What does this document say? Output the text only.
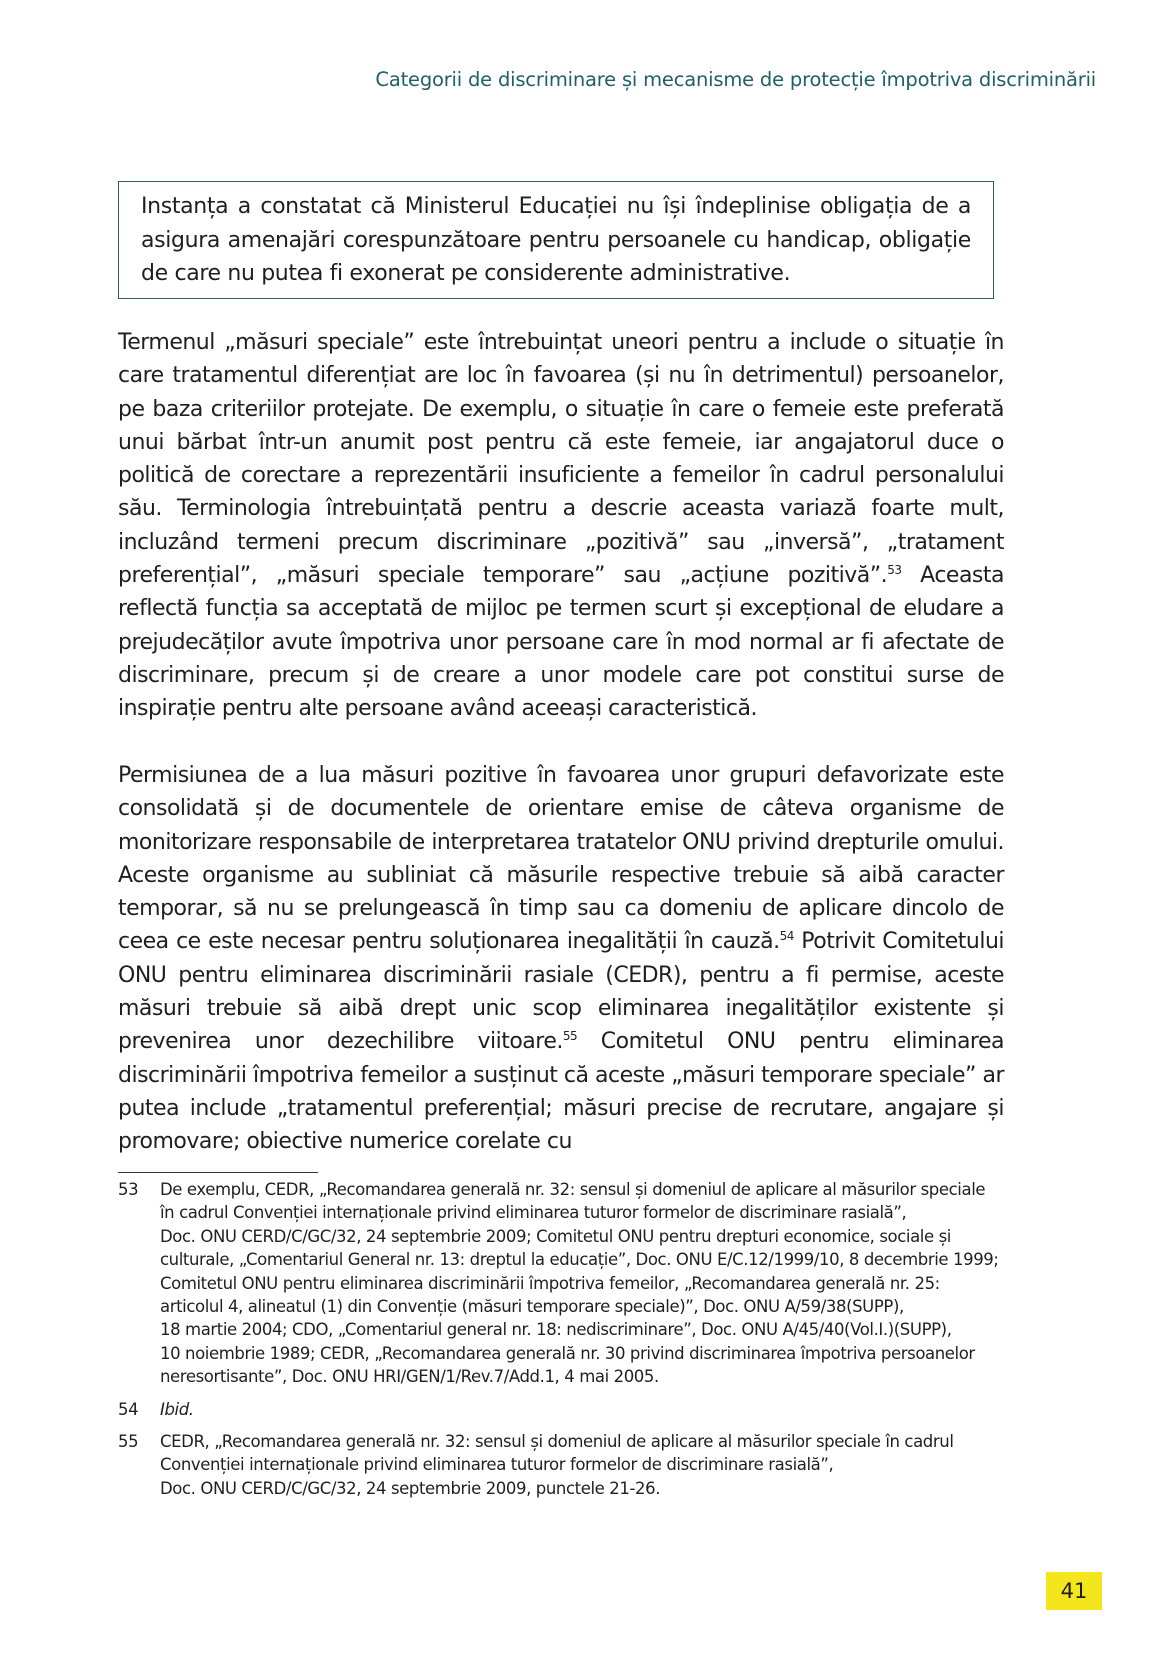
Categorii de discriminare și mecanisme de protecție împotriva discriminării

Instanța a constatat că Ministerul Educației nu își îndeplinise obligația de a asigura amenajări corespunzătoare pentru persoanele cu handicap, obligație de care nu putea fi exonerat pe considerente administrative.

Termenul „măsuri speciale” este întrebuințat uneori pentru a include o situație în care tratamentul diferențiat are loc în favoarea (și nu în detrimentul) persoanelor, pe baza criteriilor protejate. De exemplu, o situație în care o femeie este preferată unui bărbat într-un anumit post pentru că este femeie, iar angajatorul duce o politică de corectare a reprezentării insuficiente a femeilor în cadrul personalului său. Terminologia întrebuințată pentru a descrie aceasta variază foarte mult, incluzând termeni precum discriminare „pozitivă” sau „inversă”, „tratament preferențial”, „măsuri speciale temporare” sau „acțiune pozitivă”.$^{53}$ Aceasta reflectă funcția sa acceptată de mijloc pe termen scurt și excepțional de eludare a prejudecăților avute împotriva unor persoane care în mod normal ar fi afectate de discriminare, precum și de creare a unor modele care pot constitui surse de inspirație pentru alte persoane având aceeași caracteristică.

Permisiunea de a lua măsuri pozitive în favoarea unor grupuri defavorizate este consolidată și de documentele de orientare emise de câteva organisme de monitorizare responsabile de interpretarea tratatelor ONU privind drepturile omului. Aceste organisme au subliniat că măsurile respective trebuie să aibă caracter temporar, să nu se prelungească în timp sau ca domeniu de aplicare dincolo de ceea ce este necesar pentru soluționarea inegalității în cauză.$^{54}$ Potrivit Comitetului ONU pentru eliminarea discriminării rasiale (CEDR), pentru a fi permise, aceste măsuri trebuie să aibă drept unic scop eliminarea inegalităților existente și prevenirea unor dezechilibre viitoare.$^{55}$ Comitetul ONU pentru eliminarea discriminării împotriva femeilor a susținut că aceste „măsuri temporare speciale” ar putea include „tratamentul preferențial; măsuri precise de recrutare, angajare și promovare; obiective numerice corelate cu

53	De exemplu, CEDR, „Recomandarea generală nr. 32: sensul și domeniul de aplicare al măsurilor speciale
în cadrul Convenției internaționale privind eliminarea tuturor formelor de discriminare rasială”,
Doc. ONU CERD/C/GC/32, 24 septembrie 2009; Comitetul ONU pentru drepturi economice, sociale și
culturale, „Comentariul General nr. 13: dreptul la educație”, Doc. ONU E/C.12/1999/10, 8 decembrie 1999;
Comitetul ONU pentru eliminarea discriminării împotriva femeilor, „Recomandarea generală nr. 25:
articolul 4, alineatul (1) din Convenție (măsuri temporare speciale)”, Doc. ONU A/59/38(SUPP),
18 martie 2004; CDO, „Comentariul general nr. 18: nediscriminare”, Doc. ONU A/45/40(Vol.I.)(SUPP),
10 noiembrie 1989; CEDR, „Recomandarea generală nr. 30 privind discriminarea împotriva persoanelor
neresortisante”, Doc. ONU HRI/GEN/1/Rev.7/Add.1, 4 mai 2005.
54	Ibid.
55	CEDR, „Recomandarea generală nr. 32: sensul și domeniul de aplicare al măsurilor speciale în cadrul
Convenției internaționale privind eliminarea tuturor formelor de discriminare rasială”,
Doc. ONU CERD/C/GC/32, 24 septembrie 2009, punctele 21-26.
41
